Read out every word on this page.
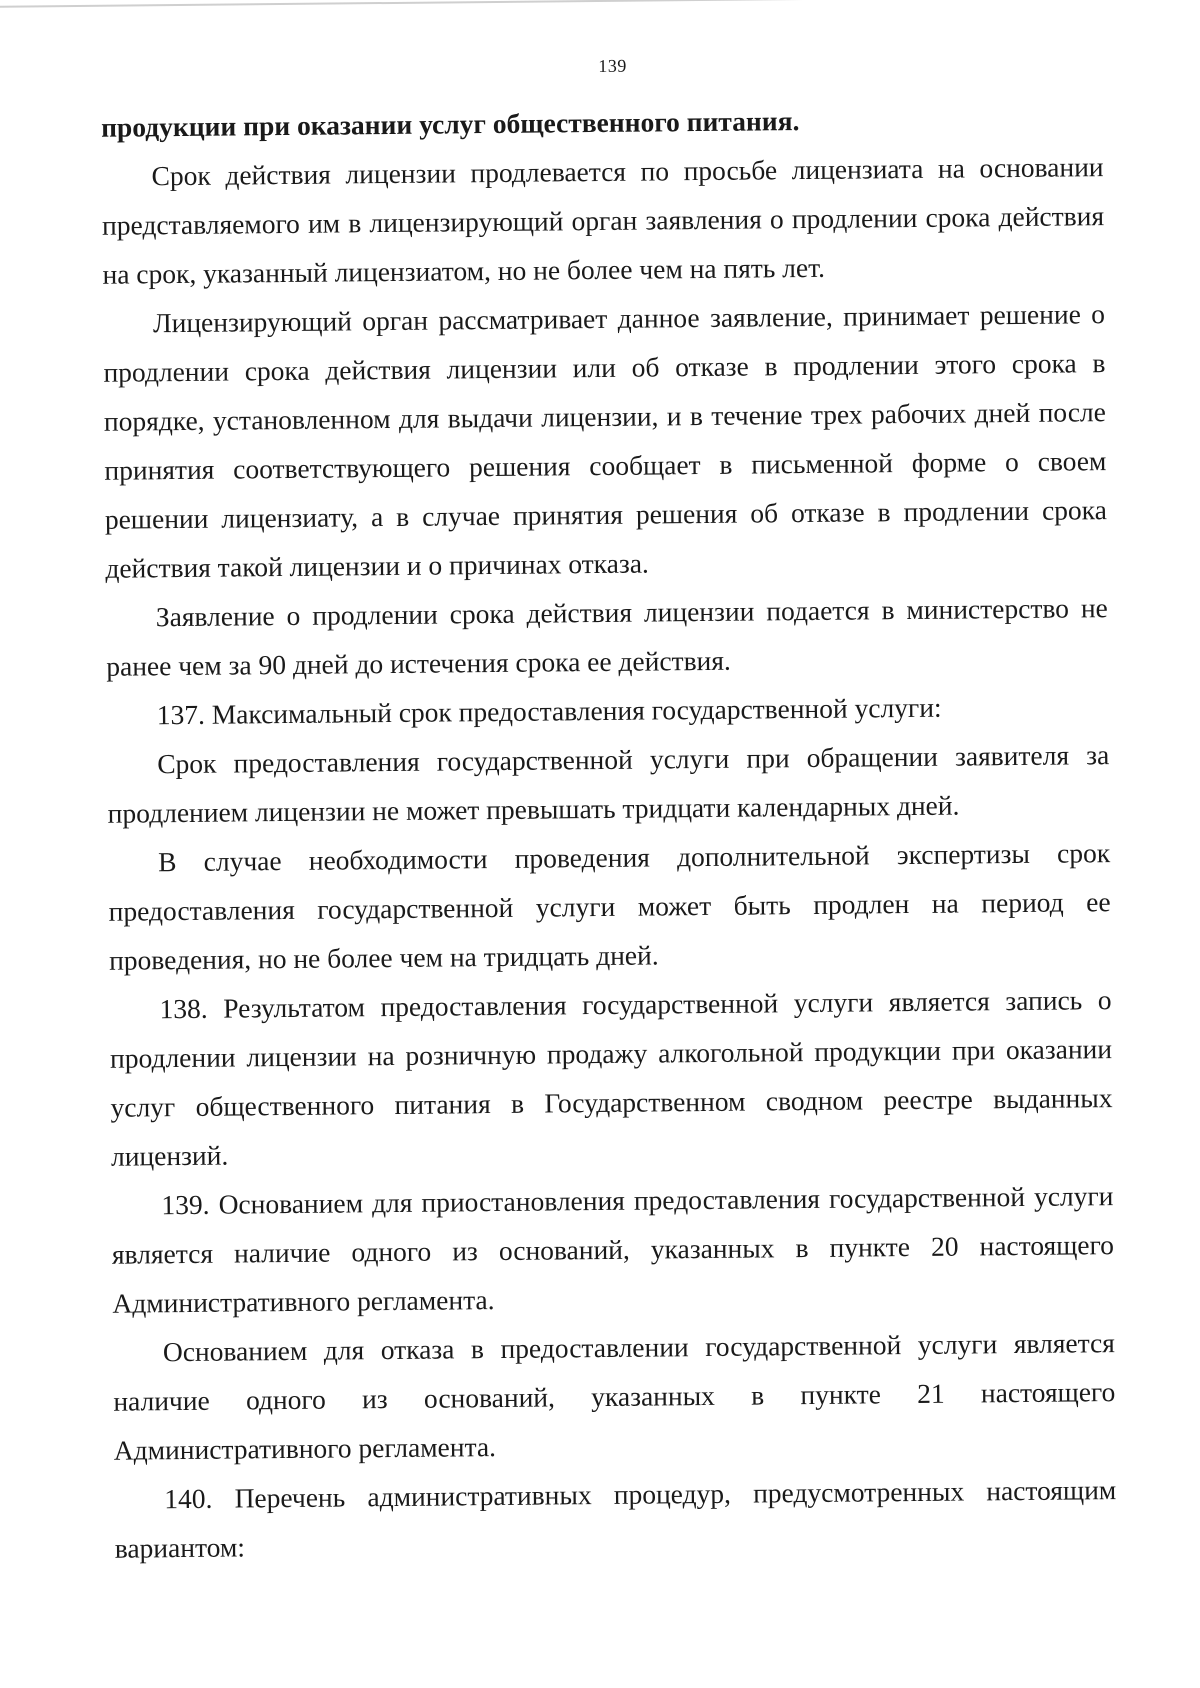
139

продукции при оказании услуг общественного питания.

Срок действия лицензии продлевается по просьбе лицензиата на основании представляемого им в лицензирующий орган заявления о продлении срока действия на срок, указанный лицензиатом, но не более чем на пять лет.

Лицензирующий орган рассматривает данное заявление, принимает решение о продлении срока действия лицензии или об отказе в продлении этого срока в порядке, установленном для выдачи лицензии, и в течение трех рабочих дней после принятия соответствующего решения сообщает в письменной форме о своем решении лицензиату, а в случае принятия решения об отказе в продлении срока действия такой лицензии и о причинах отказа.

Заявление о продлении срока действия лицензии подается в министерство не ранее чем за 90 дней до истечения срока ее действия.

137. Максимальный срок предоставления государственной услуги:

Срок предоставления государственной услуги при обращении заявителя за продлением лицензии не может превышать тридцати календарных дней.

В случае необходимости проведения дополнительной экспертизы срок предоставления государственной услуги может быть продлен на период ее проведения, но не более чем на тридцать дней.

138. Результатом предоставления государственной услуги является запись о продлении лицензии на розничную продажу алкогольной продукции при оказании услуг общественного питания в Государственном сводном реестре выданных лицензий.

139. Основанием для приостановления предоставления государственной услуги является наличие одного из оснований, указанных в пункте 20 настоящего Административного регламента.

Основанием для отказа в предоставлении государственной услуги является наличие одного из оснований, указанных в пункте 21 настоящего Административного регламента.

140. Перечень административных процедур, предусмотренных настоящим вариантом:
